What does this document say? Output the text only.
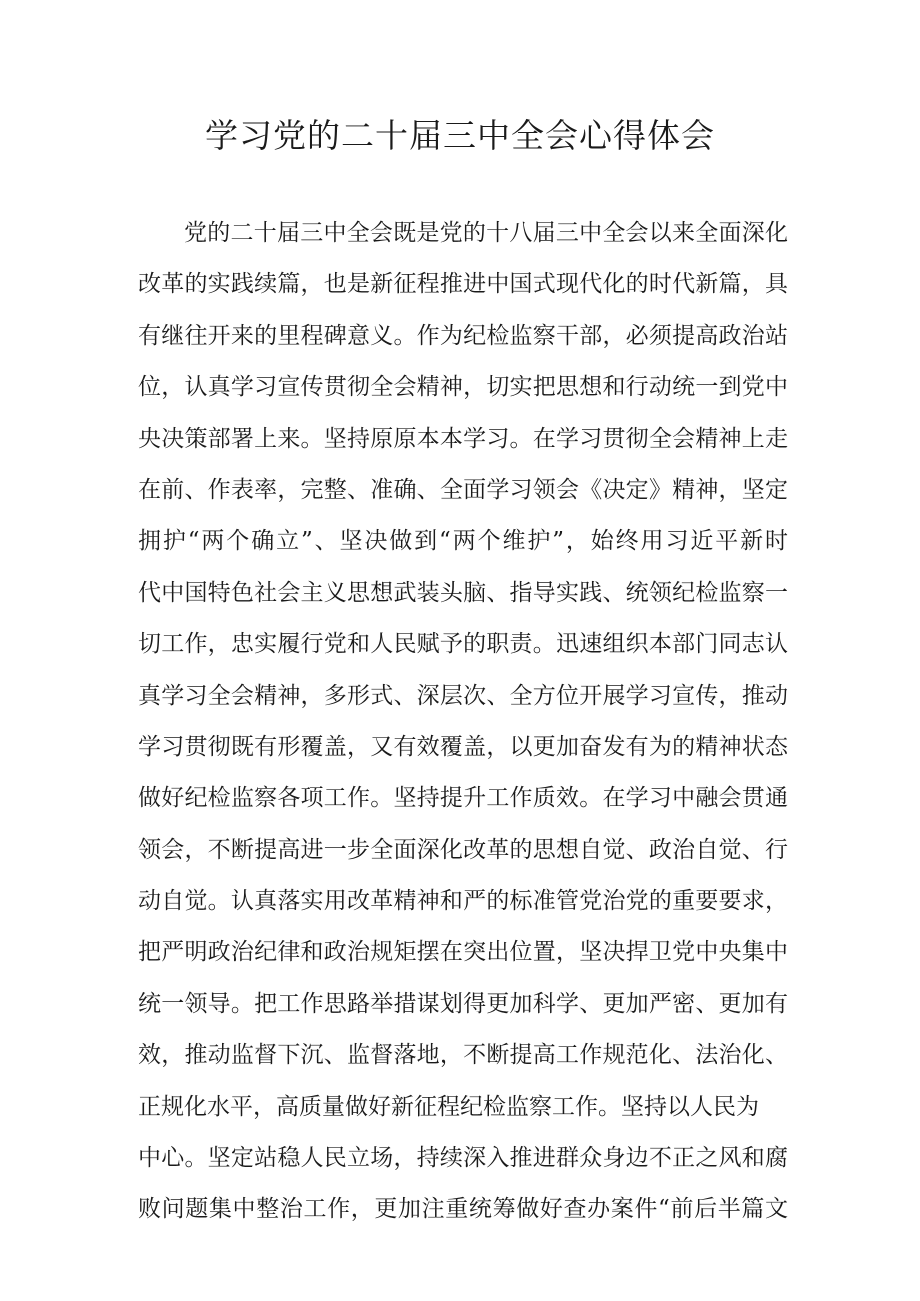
学习党的二十届三中全会心得体会
党的二十届三中全会既是党的十八届三中全会以来全面深化
改革的实践续篇，也是新征程推进中国式现代化的时代新篇，具
有继往开来的里程碑意义。作为纪检监察干部，必须提高政治站
位，认真学习宣传贯彻全会精神，切实把思想和行动统一到党中
央决策部署上来。坚持原原本本学习。在学习贯彻全会精神上走
在前、作表率，完整、准确、全面学习领会《决定》精神，坚定
拥护“两个确立”、坚决做到“两个维护”，始终用习近平新时
代中国特色社会主义思想武装头脑、指导实践、统领纪检监察一
切工作，忠实履行党和人民赋予的职责。迅速组织本部门同志认
真学习全会精神，多形式、深层次、全方位开展学习宣传，推动
学习贯彻既有形覆盖，又有效覆盖，以更加奋发有为的精神状态
做好纪检监察各项工作。坚持提升工作质效。在学习中融会贯通
领会，不断提高进一步全面深化改革的思想自觉、政治自觉、行
动自觉。认真落实用改革精神和严的标准管党治党的重要要求，
把严明政治纪律和政治规矩摆在突出位置，坚决捍卫党中央集中
统一领导。把工作思路举措谋划得更加科学、更加严密、更加有
效，推动监督下沉、监督落地，不断提高工作规范化、法治化、
正规化水平，高质量做好新征程纪检监察工作。坚持以人民为
中心。坚定站稳人民立场，持续深入推进群众身边不正之风和腐
败问题集中整治工作，更加注重统筹做好查办案件“前后半篇文
